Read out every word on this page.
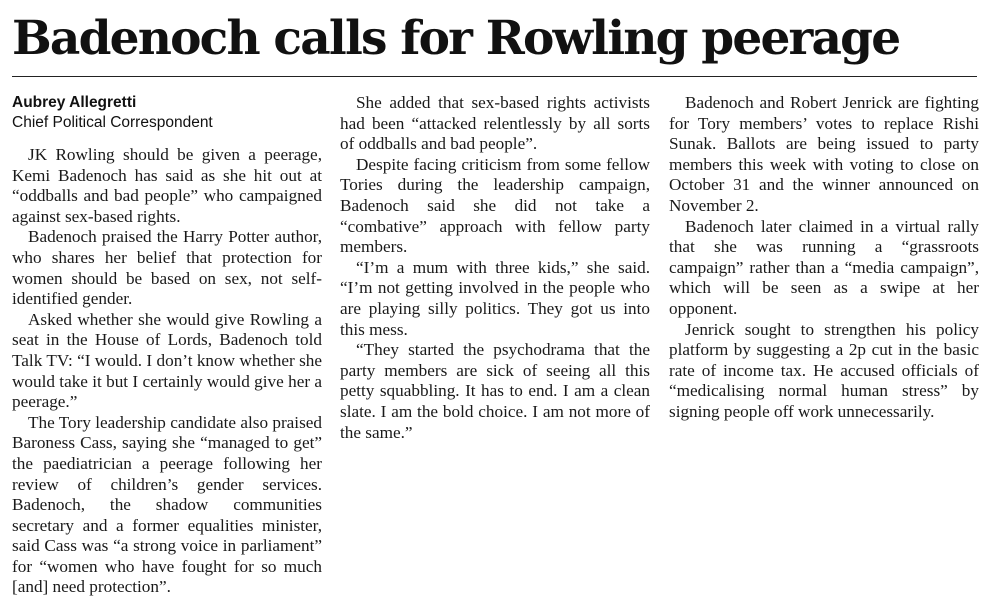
Badenoch calls for Rowling peerage
Aubrey Allegretti
Chief Political Correspondent

JK Rowling should be given a peerage, Kemi Badenoch has said as she hit out at “oddballs and bad people” who campaigned against sex-based rights.

Badenoch praised the Harry Potter author, who shares her belief that protection for women should be based on sex, not self-identified gender.

Asked whether she would give Rowling a seat in the House of Lords, Badenoch told Talk TV: “I would. I don’t know whether she would take it but I certainly would give her a peerage.”

The Tory leadership candidate also praised Baroness Cass, saying she “managed to get” the paediatrician a peerage following her review of children’s gender services. Badenoch, the shadow communities secretary and a former equalities minister, said Cass was “a strong voice in parliament” for “women who have fought for so much [and] need protection”.

She added that sex-based rights activists had been “attacked relentlessly by all sorts of oddballs and bad people”.

Despite facing criticism from some fellow Tories during the leadership campaign, Badenoch said she did not take a “combative” approach with fellow party members.

“I’m a mum with three kids,” she said. “I’m not getting involved in the people who are playing silly politics. They got us into this mess.

“They started the psychodrama that the party members are sick of seeing all this petty squabbling. It has to end. I am a clean slate. I am the bold choice. I am not more of the same.”

Badenoch and Robert Jenrick are fighting for Tory members’ votes to replace Rishi Sunak. Ballots are being issued to party members this week with voting to close on October 31 and the winner announced on November 2.

Badenoch later claimed in a virtual rally that she was running a “grassroots campaign” rather than a “media campaign”, which will be seen as a swipe at her opponent.

Jenrick sought to strengthen his policy platform by suggesting a 2p cut in the basic rate of income tax. He accused officials of “medicalising normal human stress” by signing people off work unnecessarily.
